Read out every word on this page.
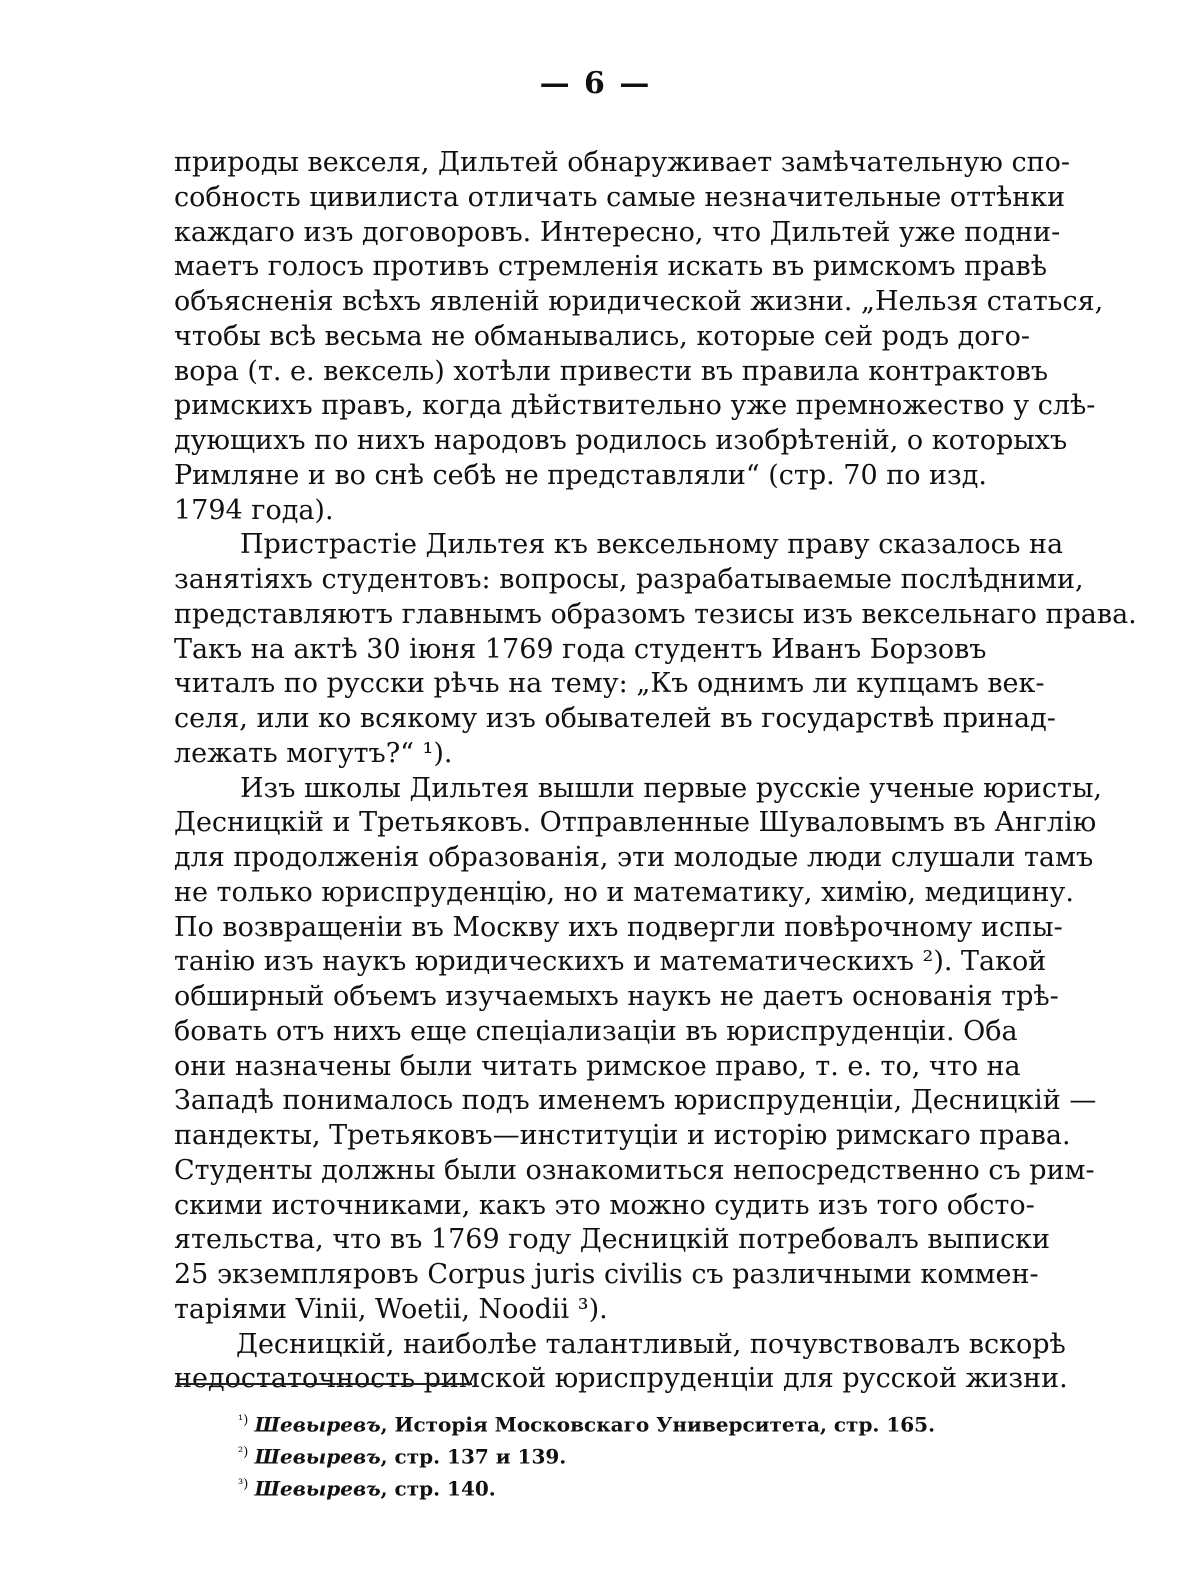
— 6 —
природы векселя, Дильтей обнаруживает замѣчательную спо-
собность цивилиста отличать самые незначительные оттѣнки
каждаго изъ договоровъ. Интересно, что Дильтей уже подни-
маетъ голосъ противъ стремленія искать въ римскомъ правѣ
объясненія всѣхъ явленій юридической жизни. „Нельзя статься,
чтобы всѣ весьма не обманывались, которые сей родъ дого-
вора (т. е. вексель) хотѣли привести въ правила контрактовъ
римскихъ правъ, когда дѣйствительно уже премножество у слѣ-
дующихъ по нихъ народовъ родилось изобрѣтеній, о которыхъ
Римляне и во снѣ себѣ не представляли“ (стр. 70 по изд.
1794 года).
Пристрастіе Дильтея къ вексельному праву сказалось на
занятіяхъ студентовъ: вопросы, разрабатываемые послѣдними,
представляютъ главнымъ образомъ тезисы изъ вексельнаго права.
Такъ на актѣ 30 іюня 1769 года студентъ Иванъ Борзовъ
читалъ по русски рѣчь на тему: „Къ однимъ ли купцамъ век-
селя, или ко всякому изъ обывателей въ государствѣ принад-
лежать могутъ?“ ¹).
Изъ школы Дильтея вышли первые русскіе ученые юристы,
Десницкій и Третьяковъ. Отправленные Шуваловымъ въ Англію
для продолженія образованія, эти молодые люди слушали тамъ
не только юриспруденцію, но и математику, химію, медицину.
По возвращеніи въ Москву ихъ подвергли повѣрочному испы-
танію изъ наукъ юридическихъ и математическихъ ²). Такой
обширный объемъ изучаемыхъ наукъ не даетъ основанія трѣ-
бовать отъ нихъ еще спеціализаціи въ юриспруденціи. Оба
они назначены были читать римское право, т. е. то, что на
Западѣ понималось подъ именемъ юриспруденціи, Десницкій —
пандекты, Третьяковъ—институціи и исторію римскаго права.
Студенты должны были ознакомиться непосредственно съ рим-
скими источниками, какъ это можно судить изъ того обсто-
ятельства, что въ 1769 году Десницкій потребовалъ выписки
25 экземпляровъ Corpus juris civilis съ различными коммен-
таріями Vinii, Woetii, Noodii ³).
Десницкій, наиболѣе талантливый, почувствовалъ вскорѣ
недостаточность римской юриспруденціи для русской жизни.
$^{^1)}$ Шевыревъ, Исторія Московскаго Университета, стр. 165.
$^{^2)}$ Шевыревъ, стр. 137 и 139.
$^{^3)}$ Шевыревъ, стр. 140.
